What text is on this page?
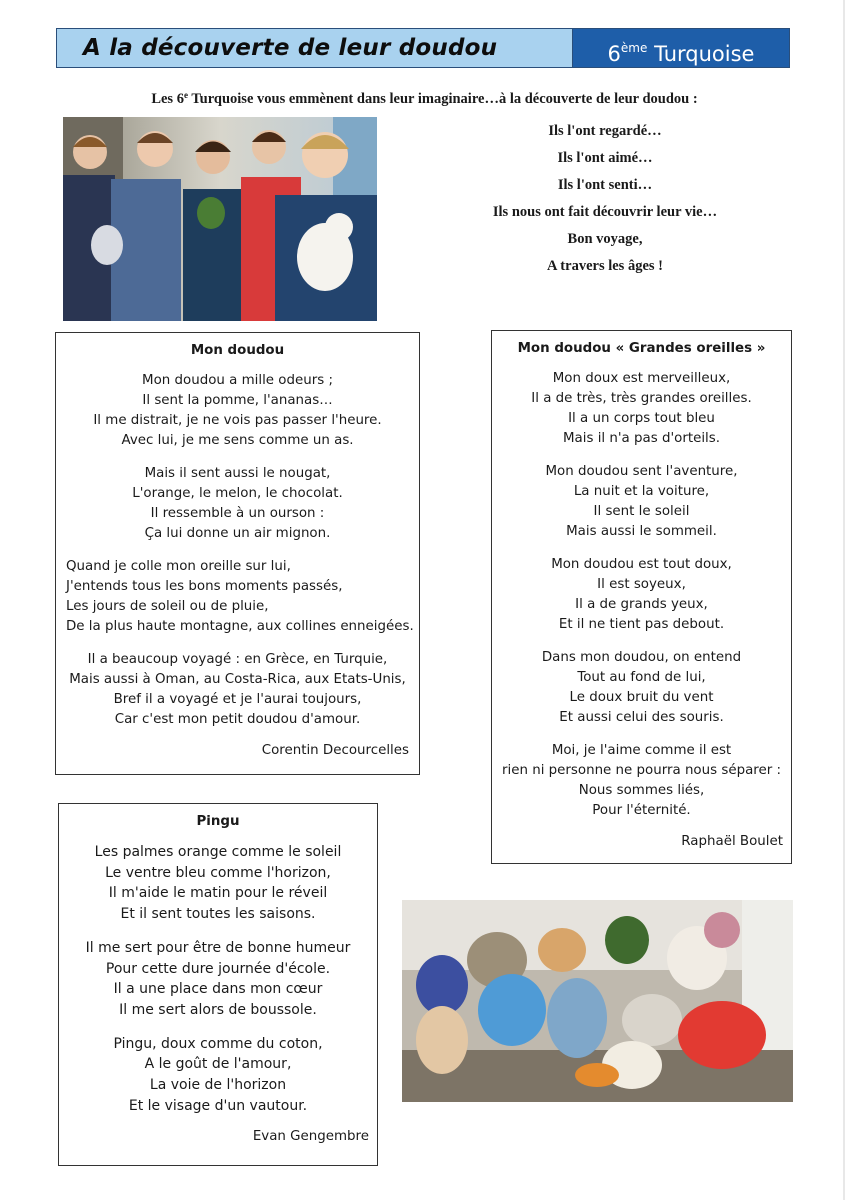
A la découverte de leur doudou	6ème Turquoise
Les 6e Turquoise vous emmènent dans leur imaginaire…à la découverte de leur doudou :
Ils l'ont regardé…
Ils l'ont aimé…
Ils l'ont senti…
Ils nous ont fait découvrir leur vie…
Bon voyage,
A travers les âges !
Mon doudou
Mon doudou a mille odeurs ;
Il sent la pomme, l'ananas…
Il me distrait, je ne vois pas passer l'heure.
Avec lui, je me sens comme un as.
Mais il sent aussi le nougat,
L'orange, le melon, le chocolat.
Il ressemble à un ourson :
Ça lui donne un air mignon.
Quand je colle mon oreille sur lui,
J'entends tous les bons moments passés,
Les jours de soleil ou de pluie,
De la plus haute montagne, aux collines enneigées.
Il a beaucoup voyagé : en Grèce, en Turquie,
Mais aussi à Oman, au Costa-Rica, aux Etats-Unis,
Bref il a voyagé et je l'aurai toujours,
Car c'est mon petit doudou d'amour.
Corentin Decourcelles
Mon doudou « Grandes oreilles »
Mon doux est merveilleux,
Il a de très, très grandes oreilles.
Il a un corps tout bleu
Mais il n'a pas d'orteils.
Mon doudou sent l'aventure,
La nuit et la voiture,
Il sent le soleil
Mais aussi le sommeil.
Mon doudou est tout doux,
Il est soyeux,
Il a de grands yeux,
Et il ne tient pas debout.
Dans mon doudou, on entend
Tout au fond de lui,
Le doux bruit du vent
Et aussi celui des souris.
Moi, je l'aime comme il est
rien ni personne ne pourra nous séparer :
Nous sommes liés,
Pour l'éternité.
Raphaël Boulet
Pingu
Les palmes orange comme le soleil
Le ventre bleu comme l'horizon,
Il m'aide le matin pour le réveil
Et il sent toutes les saisons.
Il me sert pour être de bonne humeur
Pour cette dure journée d'école.
Il a une place dans mon cœur
Il me sert alors de boussole.
Pingu, doux comme du coton,
A le goût de l'amour,
La voie de l'horizon
Et le visage d'un vautour.
Evan Gengembre
